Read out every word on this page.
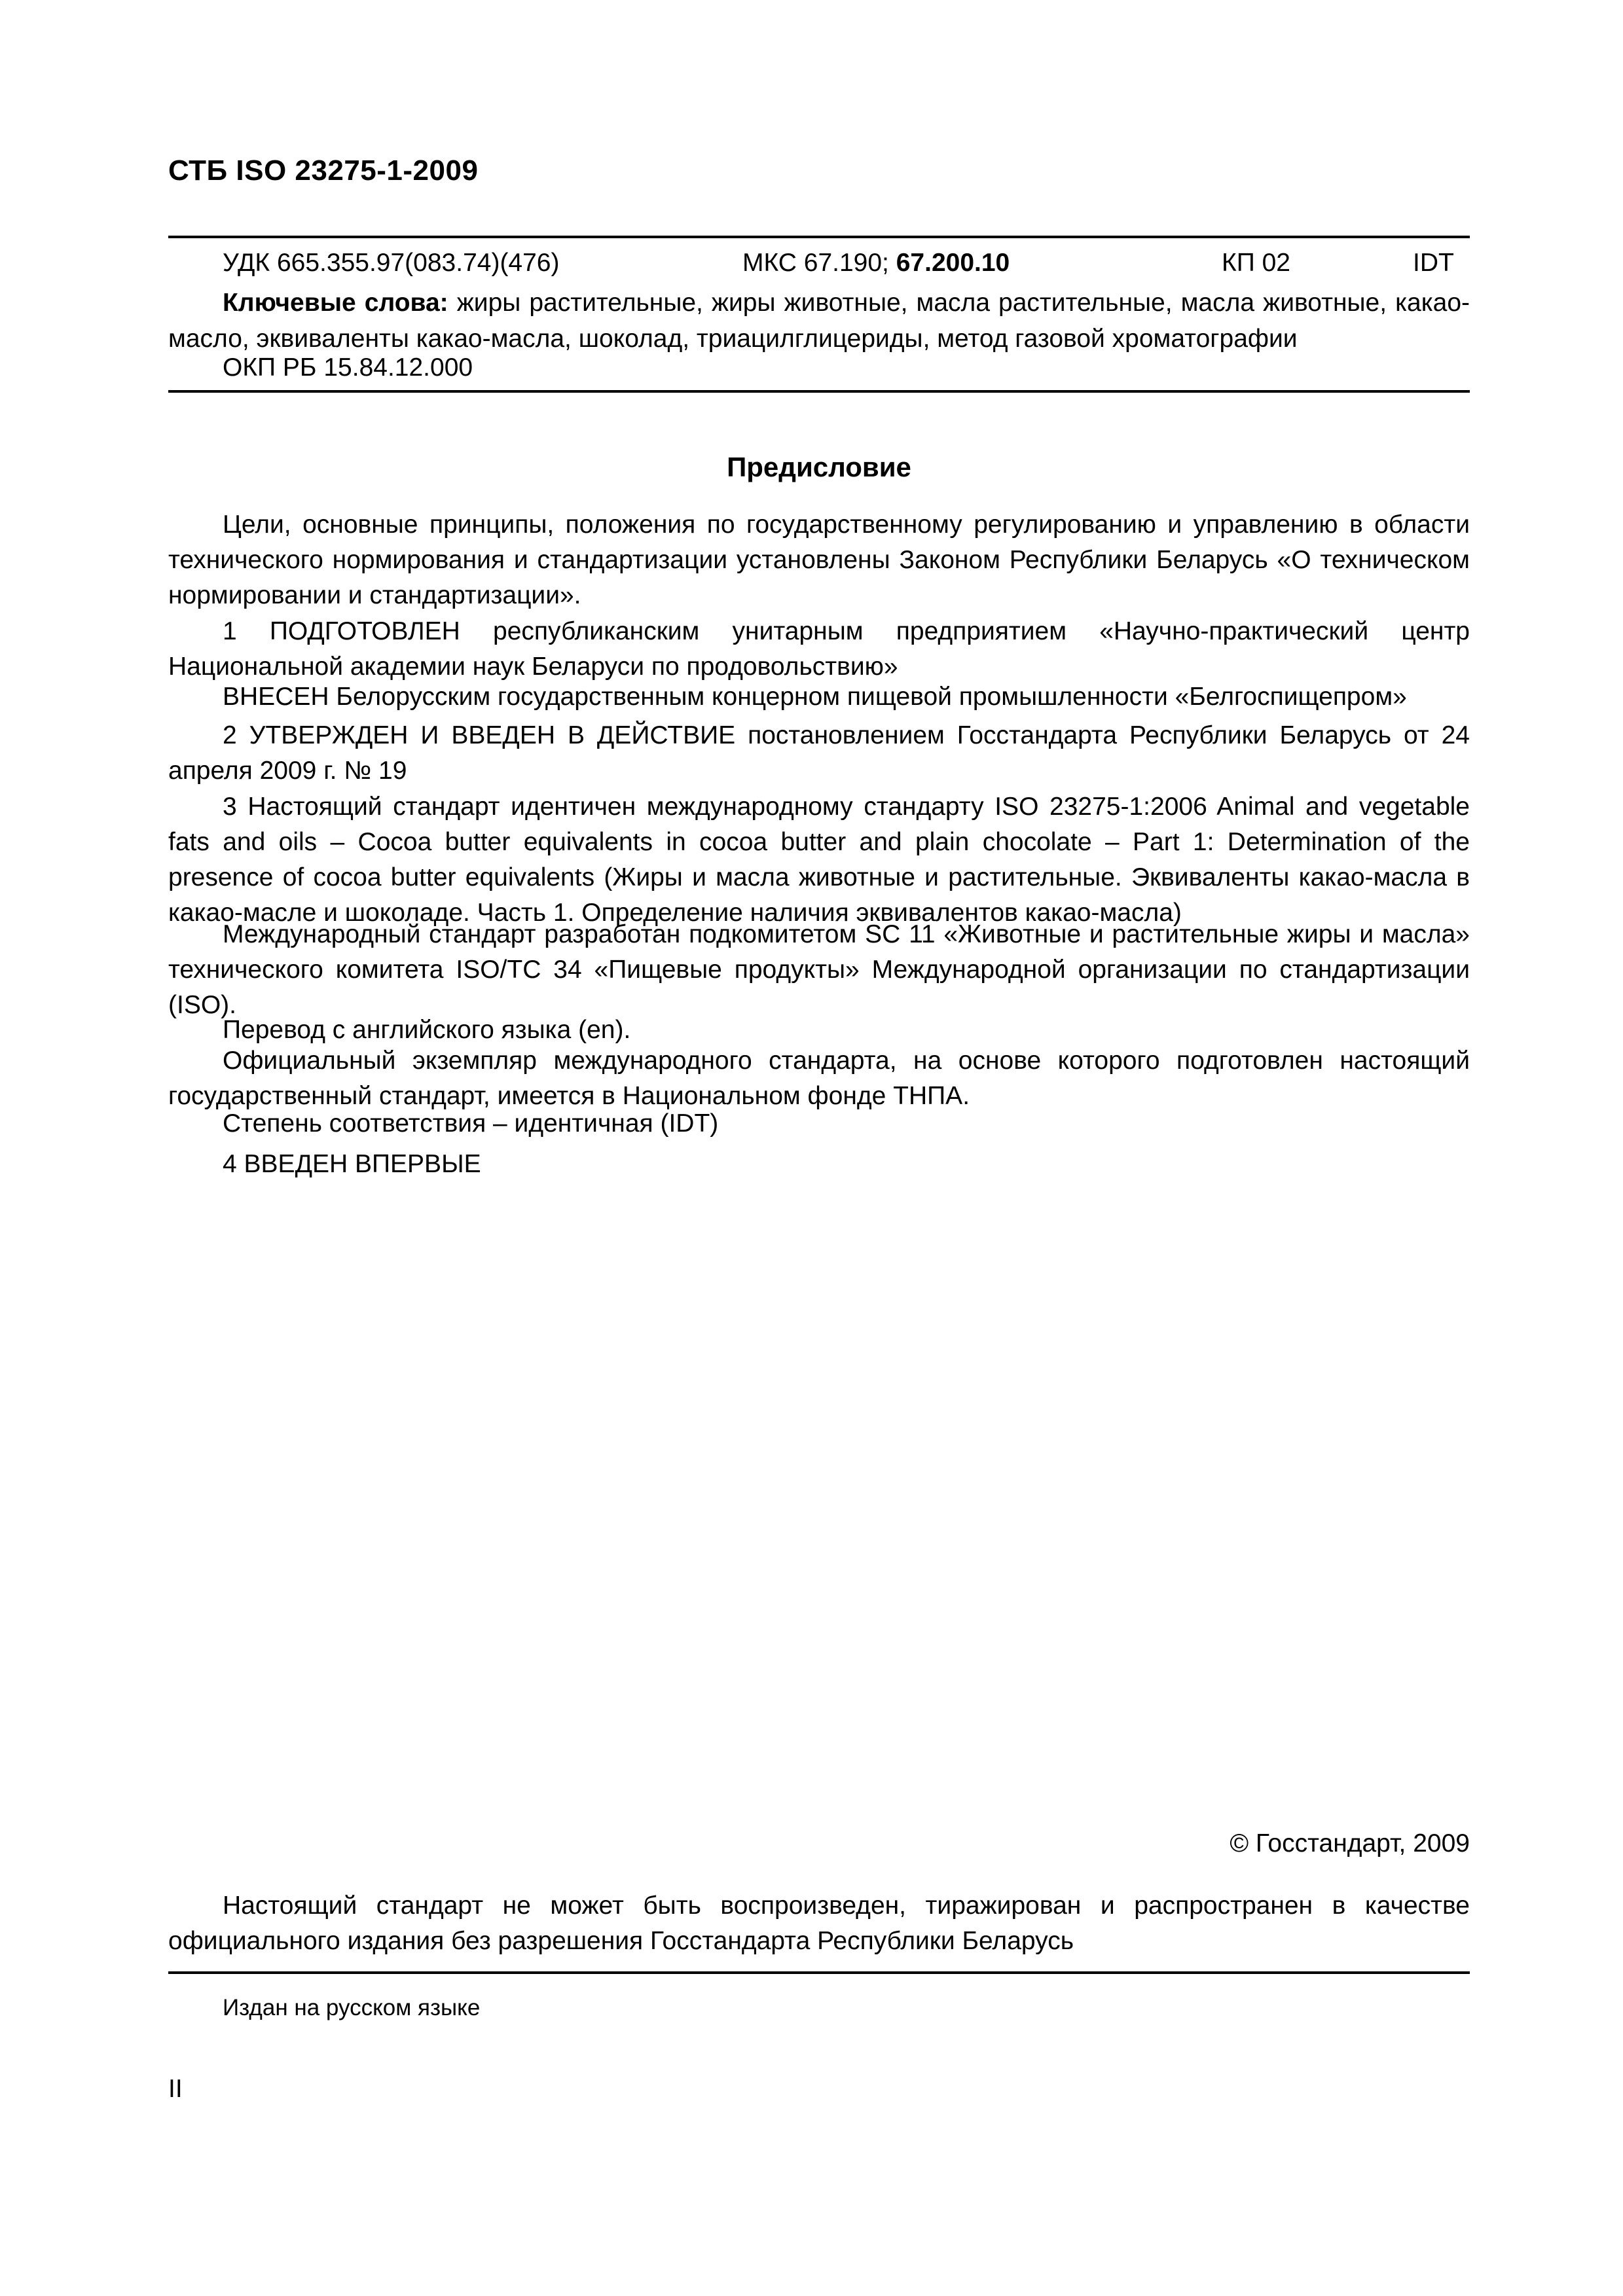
СТБ ISO 23275-1-2009
УДК 665.355.97(083.74)(476)	МКС 67.190; 67.200.10	КП 02	IDT
Ключевые слова: жиры растительные, жиры животные, масла растительные, масла животные, какао-масло, эквиваленты какао-масла, шоколад, триацилглицериды, метод газовой хроматографии
ОКП РБ 15.84.12.000
Предисловие
Цели, основные принципы, положения по государственному регулированию и управлению в области технического нормирования и стандартизации установлены Законом Республики Беларусь «О техническом нормировании и стандартизации».
1 ПОДГОТОВЛЕН республиканским унитарным предприятием «Научно-практический центр Национальной академии наук Беларуси по продовольствию»
ВНЕСЕН Белорусским государственным концерном пищевой промышленности «Белгоспищепром»
2 УТВЕРЖДЕН И ВВЕДЕН В ДЕЙСТВИЕ постановлением Госстандарта Республики Беларусь от 24 апреля 2009 г. № 19
3 Настоящий стандарт идентичен международному стандарту ISO 23275-1:2006 Animal and vegetable fats and oils – Cocoa butter equivalents in cocoa butter and plain chocolate – Part 1: Determination of the presence of cocoa butter equivalents (Жиры и масла животные и растительные. Эквиваленты какао-масла в какао-масле и шоколаде. Часть 1. Определение наличия эквивалентов какао-масла)
Международный стандарт разработан подкомитетом SC 11 «Животные и растительные жиры и масла» технического комитета ISO/TC 34 «Пищевые продукты» Международной организации по стандартизации (ISO).
Перевод с английского языка (en).
Официальный экземпляр международного стандарта, на основе которого подготовлен настоящий государственный стандарт, имеется в Национальном фонде ТНПА.
Степень соответствия – идентичная (IDT)
4 ВВЕДЕН ВПЕРВЫЕ
© Госстандарт, 2009
Настоящий стандарт не может быть воспроизведен, тиражирован и распространен в качестве официального издания без разрешения Госстандарта Республики Беларусь
Издан на русском языке
II
